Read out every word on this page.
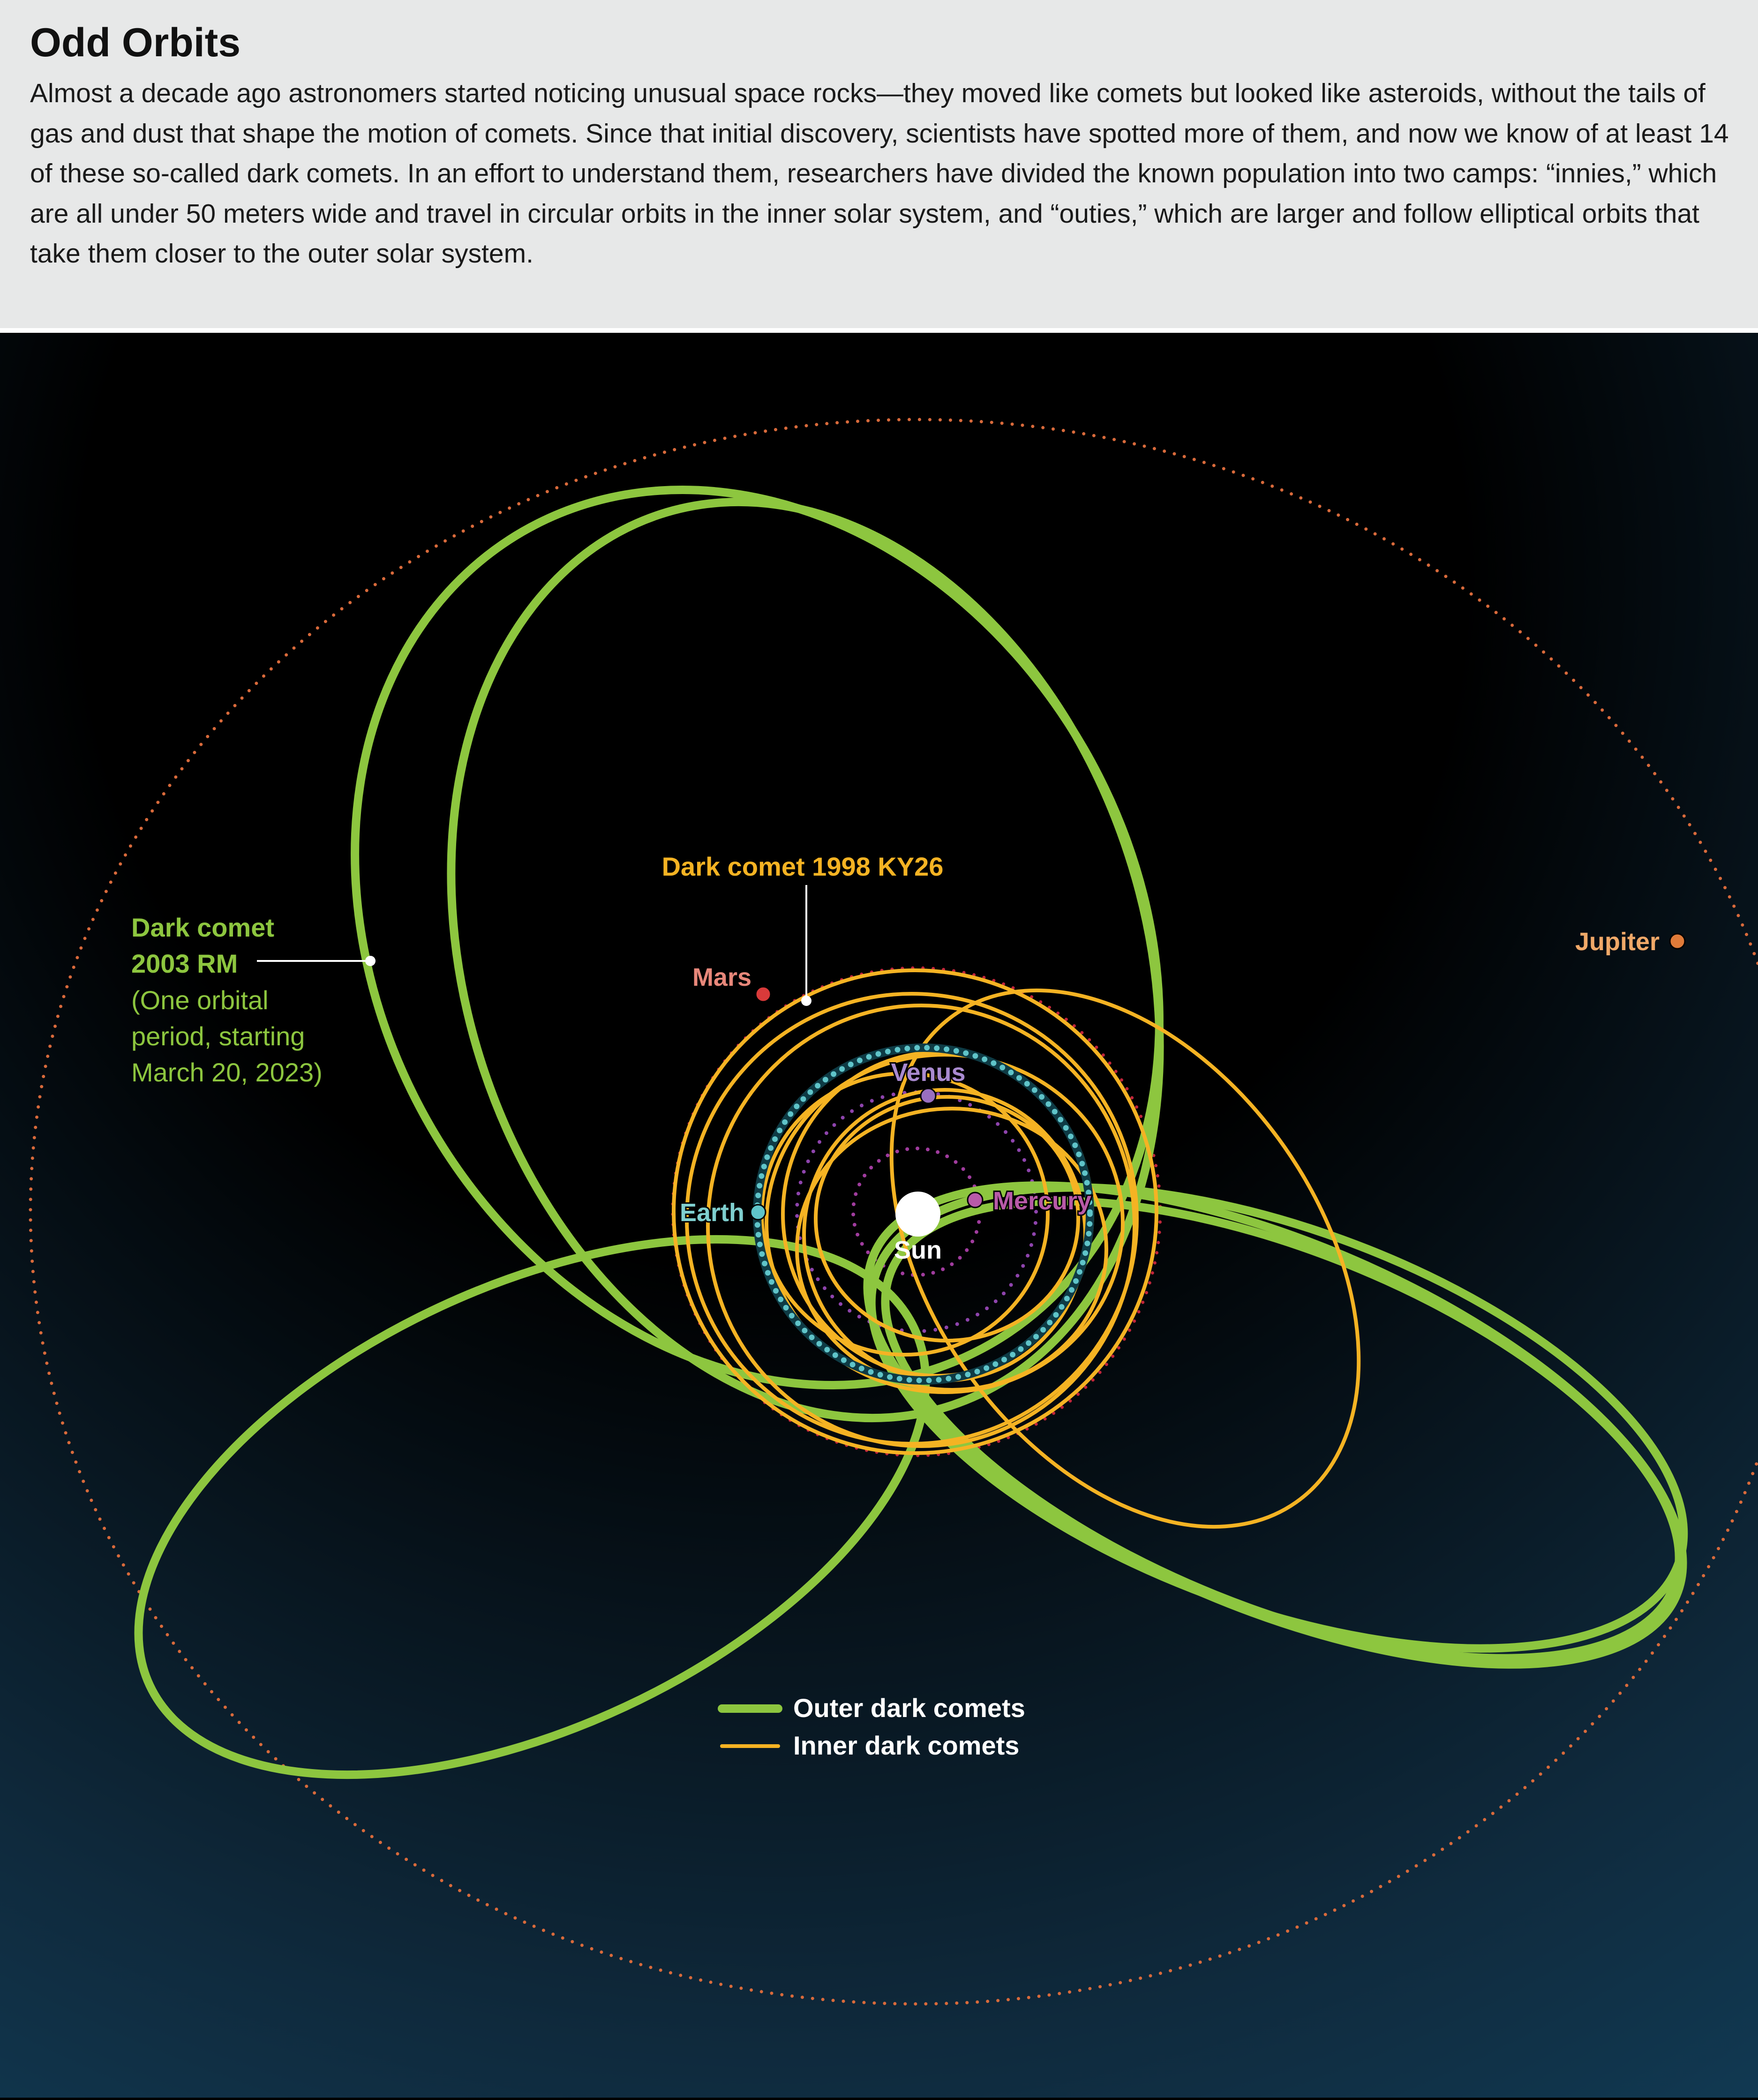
Odd Orbits

Almost a decade ago astronomers started noticing unusual space rocks—they moved like comets but looked like asteroids, without the tails of gas and dust that shape the motion of comets. Since that initial discovery, scientists have spotted more of them, and now we know of at least 14 of these so-called dark comets. In an effort to understand them, researchers have divided the known population into two camps: “innies,” which are all under 50 meters wide and travel in circular orbits in the inner solar system, and “outies,” which are larger and follow elliptical orbits that take them closer to the outer solar system.

Sun
Mercury
Venus
Earth
Mars
Jupiter
Dark comet 1998 KY26
Dark comet 2003 RM
(One orbital period, starting March 20, 2023)
Outer dark comets
Inner dark comets
